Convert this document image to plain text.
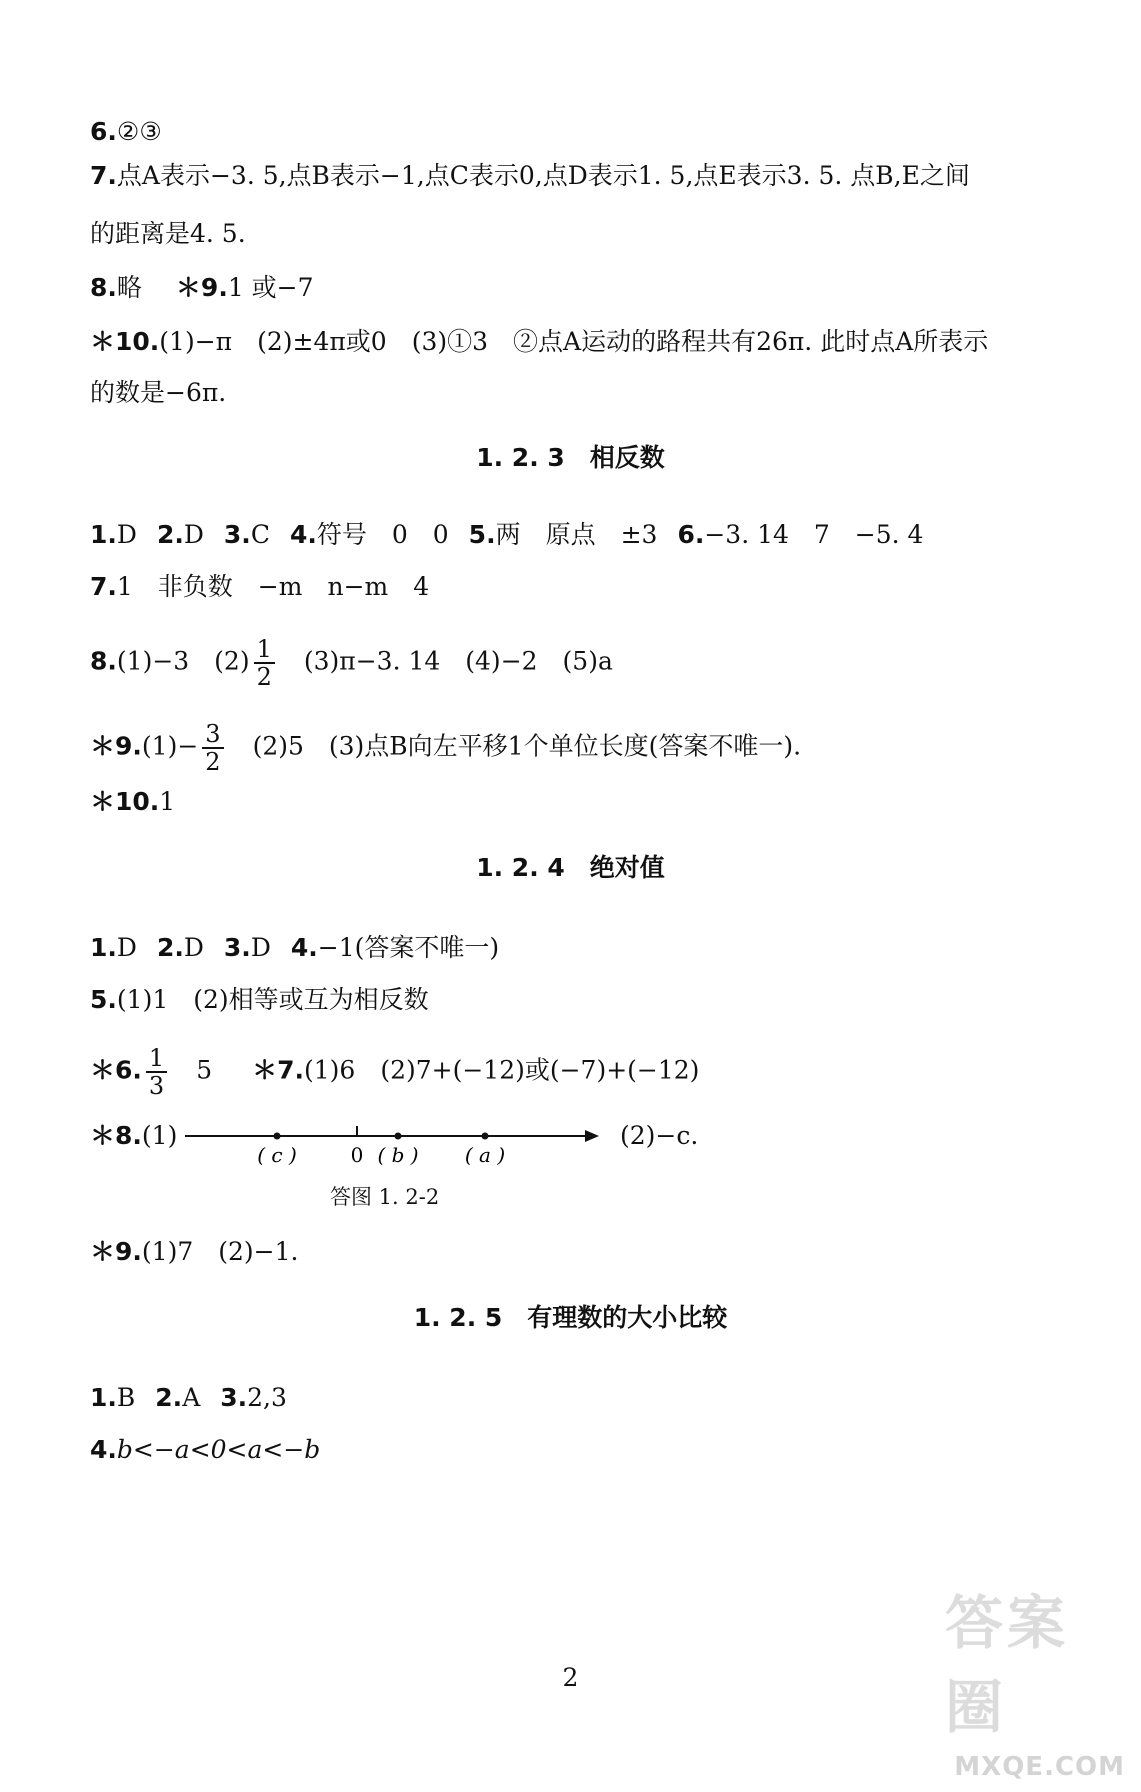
6.②③
7.点A表示−3. 5,点B表示−1,点C表示0,点D表示1. 5,点E表示3. 5. 点B,E之间
的距离是4. 5.
8.略 ＊9.1 或−7
＊10.(1)−π　(2)±4π或0　(3)①3　②点A运动的路程共有26π. 此时点A所表示
的数是−6π.
1. 2. 3　相反数
1.D 2.D 3.C 4.符号　0　0 5.两　原点　±3 6.−3. 14　7　−5. 4
7.1　非负数　−m　n−m　4
8.(1)−3　$(2) \frac{1}{2}$ 　(3)π−3. 14　(4)−2　(5)a
＊9.(1)− $\frac{3}{2}$ 　(2)5　(3)点B向左平移1个单位长度(答案不唯一).
＊10.1
1. 2. 4　绝对值
1.D 2.D 3.D 4.−1(答案不唯一)
5.(1)1　(2)相等或互为相反数
＊6. $\frac{1}{3}$ 　5 ＊7.(1)6　(2)7+(−12)或(−7)+(−12)
＊8.(1)
( c )	0 ( b ) ( a )
(2)−c.
答图 1. 2-2
＊9.(1)7　(2)−1.
1. 2. 5　有理数的大小比较
1.B 2.A 3.2,3
4.b<−a<0<a<−b
2
答案圈
MXQE.COM
